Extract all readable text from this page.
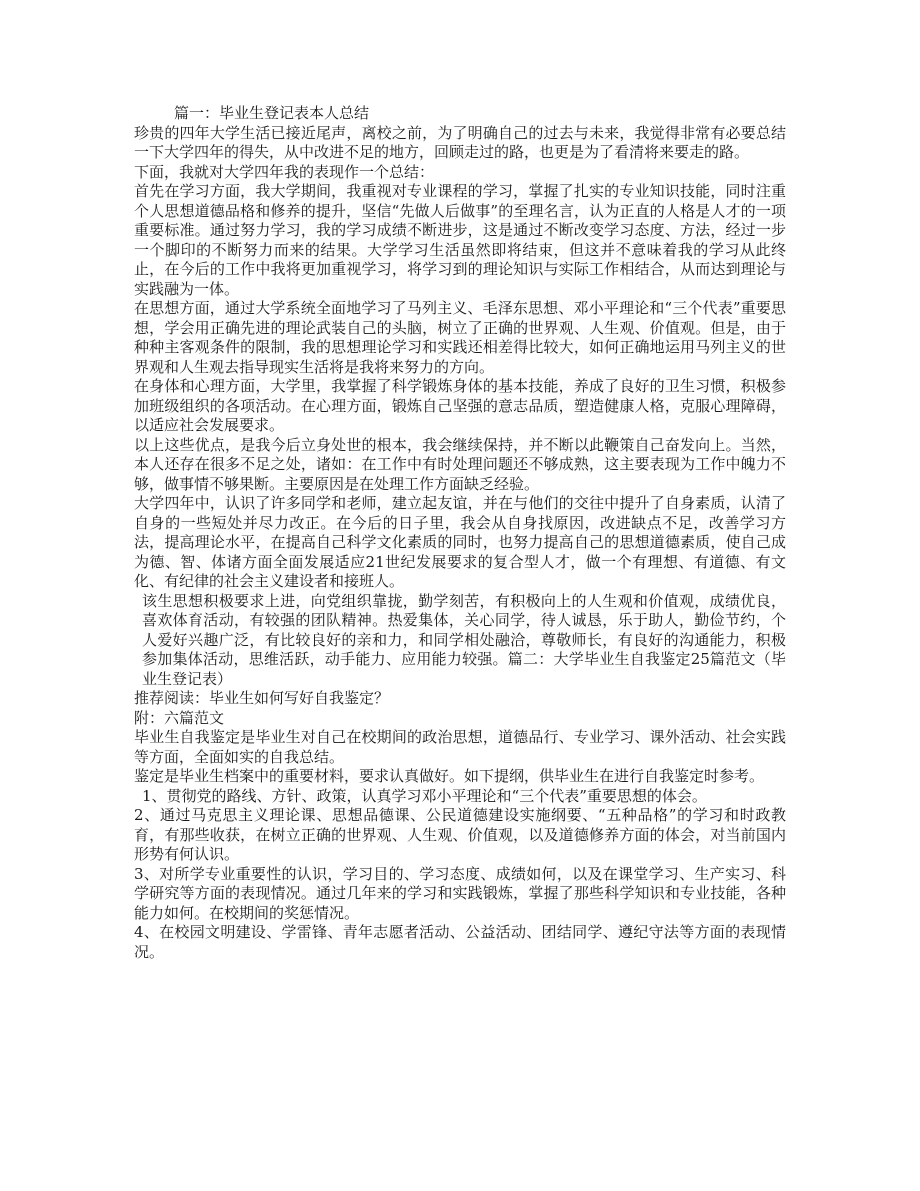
篇一：毕业生登记表本人总结

珍贵的四年大学生活已接近尾声，离校之前，为了明确自己的过去与未来，我觉得非常有必要总结一下大学四年的得失，从中改进不足的地方，回顾走过的路，也更是为了看清将来要走的路。

下面，我就对大学四年我的表现作一个总结：

首先在学习方面，我大学期间，我重视对专业课程的学习，掌握了扎实的专业知识技能，同时注重个人思想道德品格和修养的提升，坚信“先做人后做事”的至理名言，认为正直的人格是人才的一项重要标准。通过努力学习，我的学习成绩不断进步，这是通过不断改变学习态度、方法，经过一步一个脚印的不断努力而来的结果。大学学习生活虽然即将结束，但这并不意味着我的学习从此终止，在今后的工作中我将更加重视学习，将学习到的理论知识与实际工作相结合，从而达到理论与实践融为一体。

在思想方面，通过大学系统全面地学习了马列主义、毛泽东思想、邓小平理论和“三个代表”重要思想，学会用正确先进的理论武装自己的头脑，树立了正确的世界观、人生观、价值观。但是，由于种种主客观条件的限制，我的思想理论学习和实践还相差得比较大，如何正确地运用马列主义的世界观和人生观去指导现实生活将是我将来努力的方向。

在身体和心理方面，大学里，我掌握了科学锻炼身体的基本技能，养成了良好的卫生习惯，积极参加班级组织的各项活动。在心理方面，锻炼自己坚强的意志品质，塑造健康人格，克服心理障碍，以适应社会发展要求。

以上这些优点，是我今后立身处世的根本，我会继续保持，并不断以此鞭策自己奋发向上。当然，本人还存在很多不足之处，诸如：在工作中有时处理问题还不够成熟，这主要表现为工作中魄力不够，做事情不够果断。主要原因是在处理工作方面缺乏经验。

大学四年中，认识了许多同学和老师，建立起友谊，并在与他们的交往中提升了自身素质，认清了自身的一些短处并尽力改正。在今后的日子里，我会从自身找原因，改进缺点不足，改善学习方法，提高理论水平，在提高自己科学文化素质的同时，也努力提高自己的思想道德素质，使自己成为德、智、体诸方面全面发展适应21世纪发展要求的复合型人才，做一个有理想、有道德、有文化、有纪律的社会主义建设者和接班人。

该生思想积极要求上进，向党组织靠拢，勤学刻苦，有积极向上的人生观和价值观，成绩优良，喜欢体育活动，有较强的团队精神。热爱集体，关心同学，待人诚恳，乐于助人，勤俭节约，个人爱好兴趣广泛，有比较良好的亲和力，和同学相处融洽，尊敬师长，有良好的沟通能力，积极参加集体活动，思维活跃，动手能力、应用能力较强。篇二：大学毕业生自我鉴定25篇范文（毕业生登记表）

推荐阅读：毕业生如何写好自我鉴定？

附：六篇范文

毕业生自我鉴定是毕业生对自己在校期间的政治思想，道德品行、专业学习、课外活动、社会实践等方面，全面如实的自我总结。

鉴定是毕业生档案中的重要材料，要求认真做好。如下提纲，供毕业生在进行自我鉴定时参考。

1、贯彻党的路线、方针、政策，认真学习邓小平理论和“三个代表”重要思想的体会。

2、通过马克思主义理论课、思想品德课、公民道德建设实施纲要、“五种品格”的学习和时政教育，有那些收获，在树立正确的世界观、人生观、价值观，以及道德修养方面的体会，对当前国内形势有何认识。

3、对所学专业重要性的认识，学习目的、学习态度、成绩如何，以及在课堂学习、生产实习、科学研究等方面的表现情况。通过几年来的学习和实践锻炼，掌握了那些科学知识和专业技能，各种能力如何。在校期间的奖惩情况。

4、在校园文明建设、学雷锋、青年志愿者活动、公益活动、团结同学、遵纪守法等方面的表现情况。
